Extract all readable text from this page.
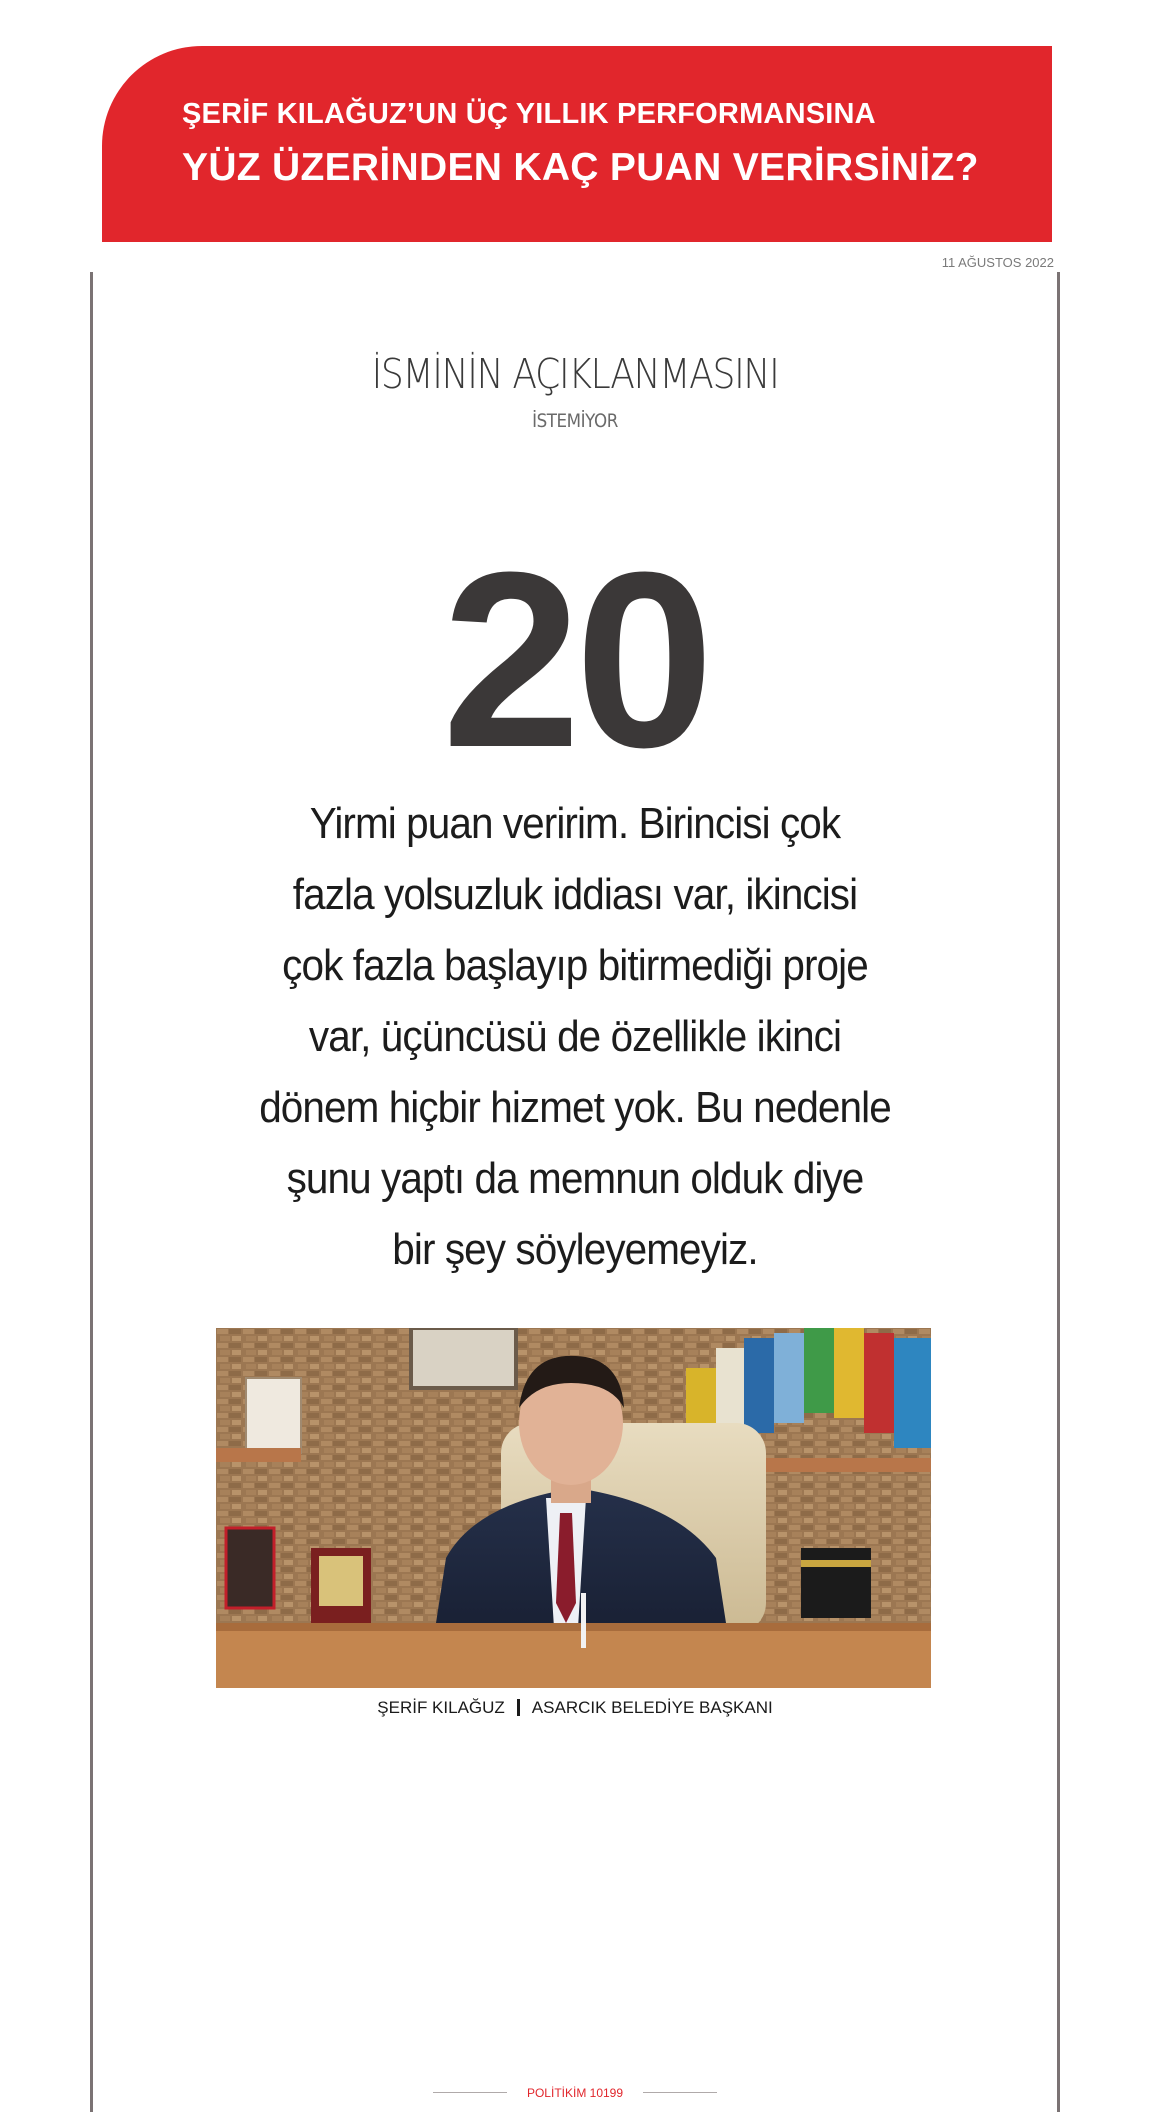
ŞERİF KILAĞUZ’UN ÜÇ YILLIK PERFORMANSINA
YÜZ ÜZERİNDEN KAÇ PUAN VERİRSİNİZ?
11 AĞUSTOS 2022
İSMİNİN AÇIKLANMASINI
İSTEMİYOR
20
Yirmi puan veririm. Birincisi çok
fazla yolsuzluk iddiası var, ikincisi
çok fazla başlayıp bitirmediği proje
var, üçüncüsü de özellikle ikinci
dönem hiçbir hizmet yok. Bu nedenle
şunu yaptı da memnun olduk diye
bir şey söyleyemeyiz.
ŞERİF KILAĞUZ ASARCIK BELEDİYE BAŞKANI
POLİTİKİM 10199
